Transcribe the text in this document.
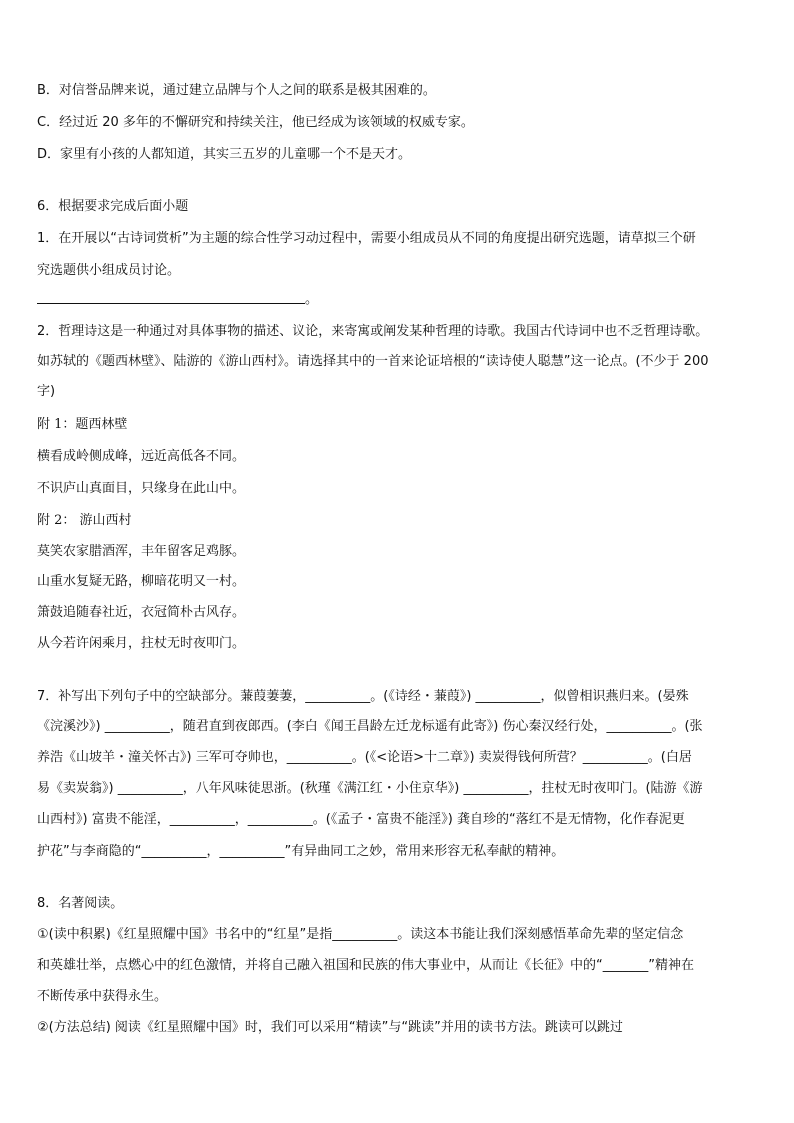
B．对信誉品牌来说，通过建立品牌与个人之间的联系是极其困难的。
C．经过近 20 多年的不懈研究和持续关注，他已经成为该领域的权威专家。
D．家里有小孩的人都知道，其实三五岁的儿童哪一个不是天才。
6．根据要求完成后面小题
1．在开展以“古诗词赏析”为主题的综合性学习动过程中，需要小组成员从不同的角度提出研究选题，请草拟三个研
究选题供小组成员讨论。
。
2．哲理诗这是一种通过对具体事物的描述、议论，来寄寓或阐发某种哲理的诗歌。我国古代诗词中也不乏哲理诗歌。
如苏轼的《题西林壁》、陆游的《游山西村》。请选择其中的一首来论证培根的“读诗使人聪慧”这一论点。(不少于 200
字)
附 1：题西林壁
横看成岭侧成峰，远近高低各不同。
不识庐山真面目，只缘身在此山中。
附 2： 游山西村
莫笑农家腊酒浑，丰年留客足鸡豚。
山重水复疑无路，柳暗花明又一村。
箫鼓追随春社近，衣冠简朴古风存。
从今若许闲乘月，拄杖无时夜叩门。
7．补写出下列句子中的空缺部分。蒹葭萋萋，__________。(《诗经・蒹葭》) __________，似曾相识燕归来。(晏殊
《浣溪沙》) __________，随君直到夜郎西。(李白《闻王昌龄左迁龙标遥有此寄》) 伤心秦汉经行处，__________。(张
养浩《山坡羊・潼关怀古》) 三军可夺帅也，__________。(《<论语>十二章》) 卖炭得钱何所营？__________。(白居
易《卖炭翁》) __________，八年风味徒思浙。(秋瑾《满江红・小住京华》) __________，拄杖无时夜叩门。(陆游《游
山西村》) 富贵不能淫，__________，__________。(《孟子・富贵不能淫》) 龚自珍的“落红不是无情物，化作春泥更
护花”与李商隐的“__________，__________”有异曲同工之妙，常用来形容无私奉献的精神。
8．名著阅读。
①(读中积累)《红星照耀中国》书名中的“红星”是指__________。读这本书能让我们深刻感悟革命先辈的坚定信念
和英雄壮举，点燃心中的红色激情，并将自己融入祖国和民族的伟大事业中，从而让《长征》中的“_______”精神在
不断传承中获得永生。
②(方法总结) 阅读《红星照耀中国》时，我们可以采用“精读”与“跳读”并用的读书方法。跳读可以跳过
